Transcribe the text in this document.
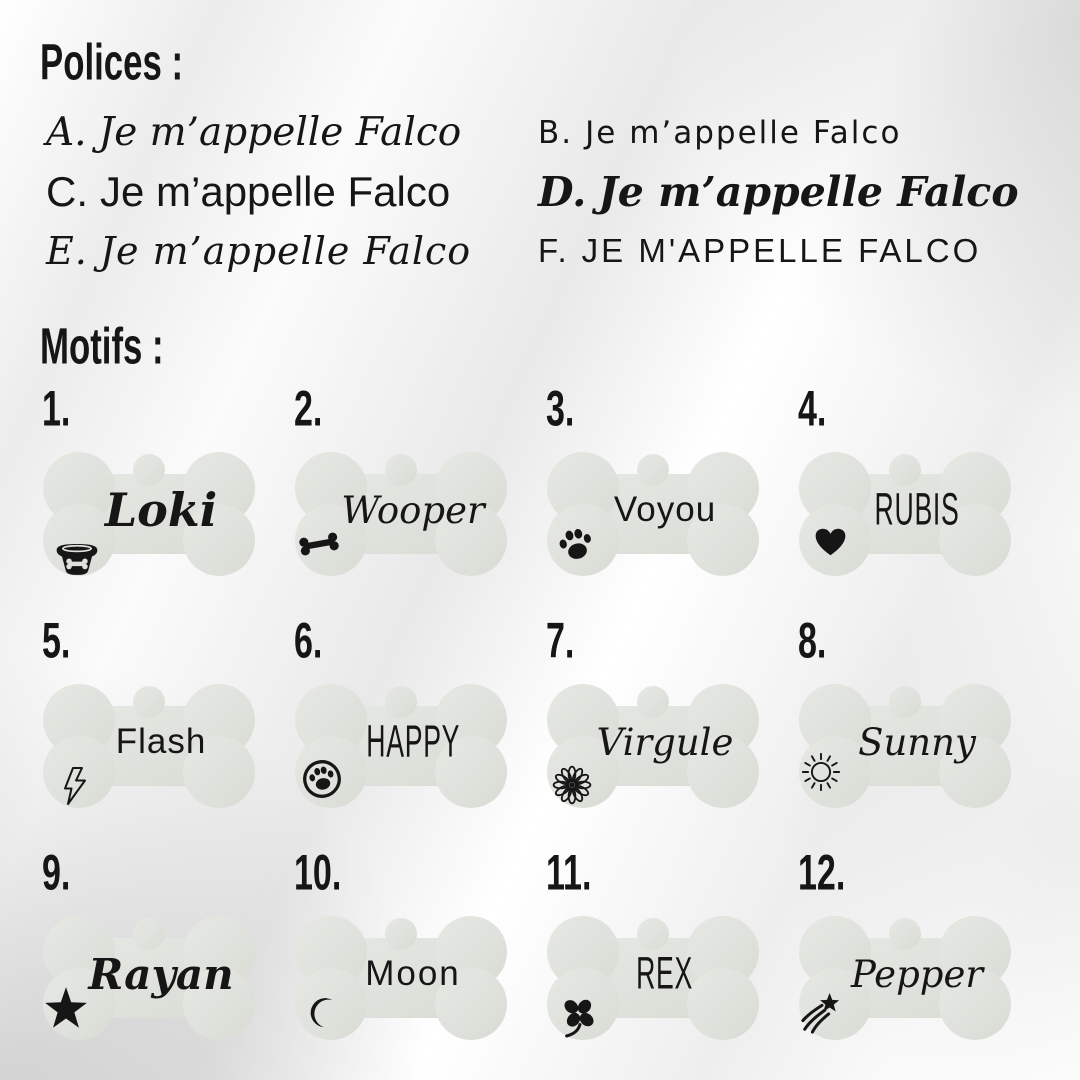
Polices :
A. Je m’appelle Falco B. Je m’appelle Falco
C. Je m’appelle Falco D. Je m’appelle Falco
E. Je m’appelle Falco F. JE M'APPELLE FALCO
Motifs :
1.
Loki
2.
Wooper
3.
Voyou
4.
RUBIS
5.
Flash
6.
HAPPY
7.
Virgule
8.
Sunny
9.
Rayan
10.
Moon
11.
REX
12.
Pepper
